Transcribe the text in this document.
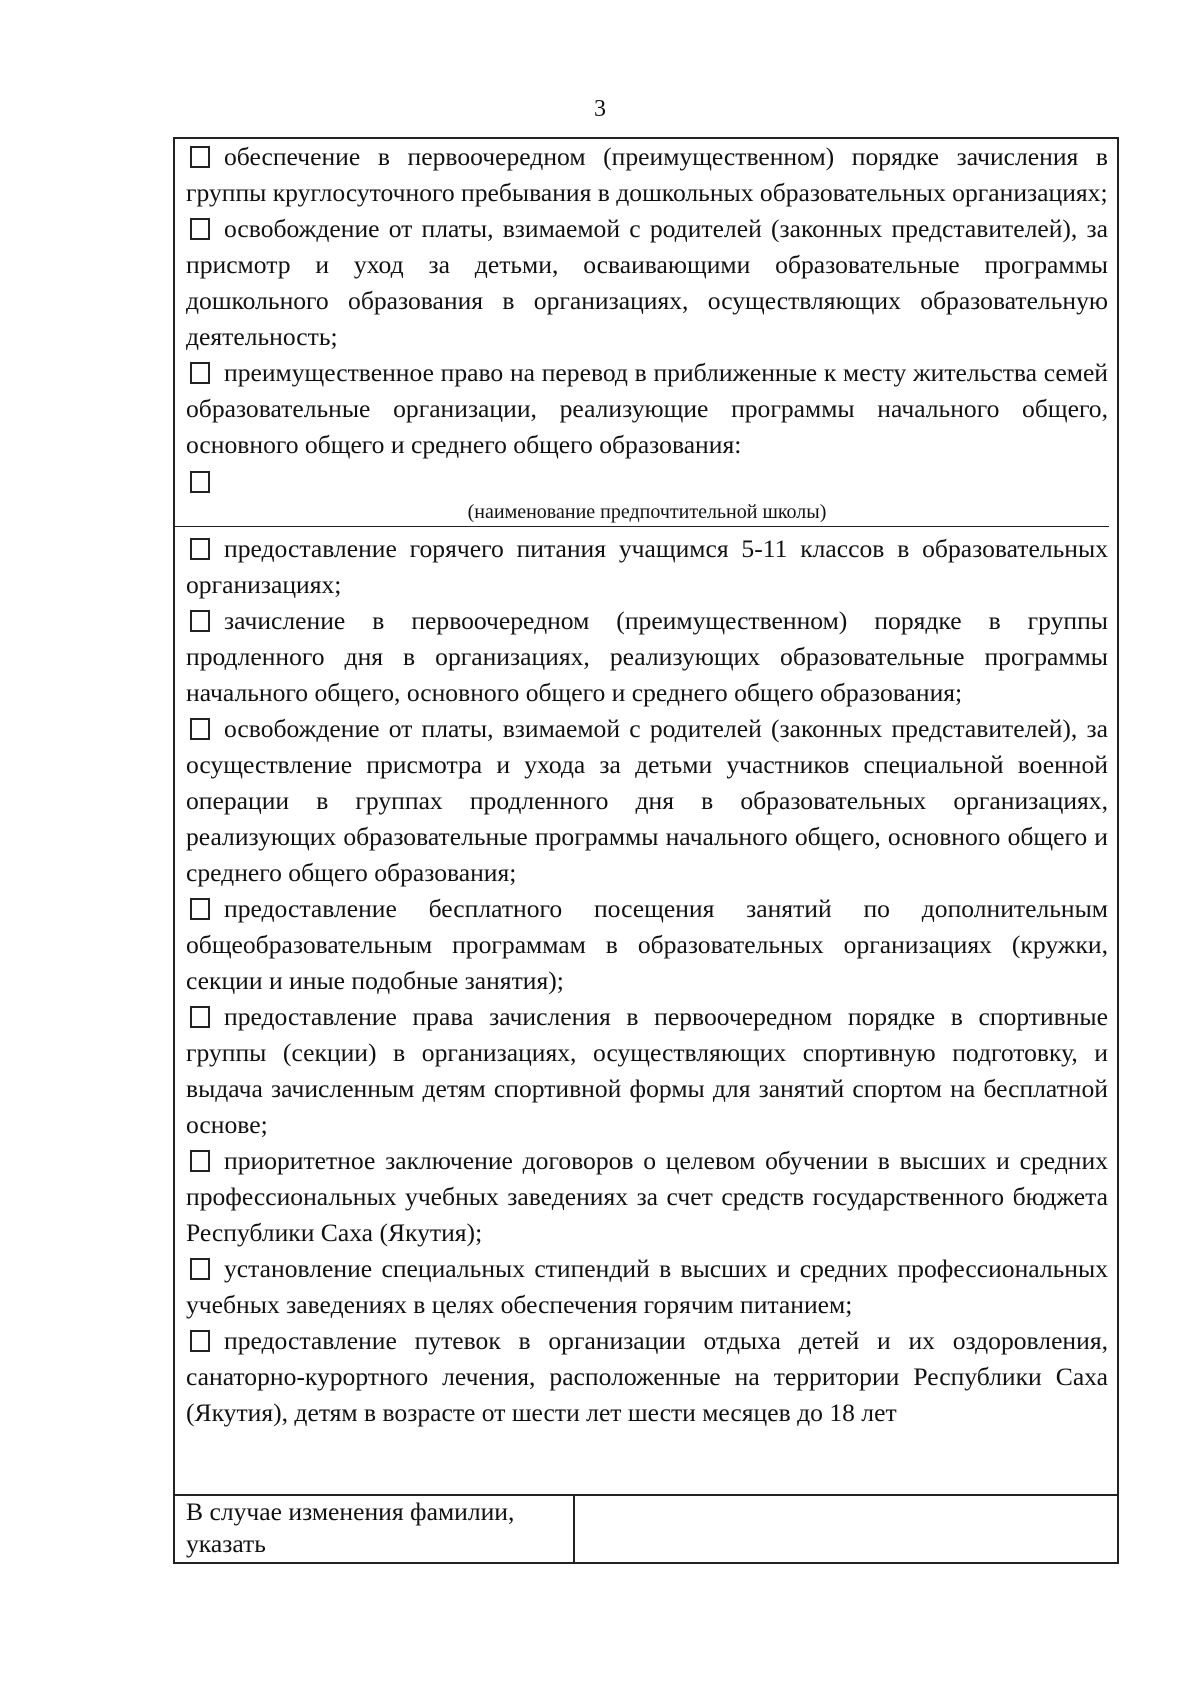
3

обеспечение в первоочередном (преимущественном) порядке зачисления в группы круглосуточного пребывания в дошкольных образовательных организациях;

освобождение от платы, взимаемой с родителей (законных представителей), за присмотр и уход за детьми, осваивающими образовательные программы дошкольного образования в организациях, осуществляющих образовательную деятельность;

преимущественное право на перевод в приближенные к месту жительства семей образовательные организации, реализующие программы начального общего, основного общего и среднего общего образования:

(наименование предпочтительной школы)

предоставление горячего питания учащимся 5-11 классов в образовательных организациях;

зачисление в первоочередном (преимущественном) порядке в группы продленного дня в организациях, реализующих образовательные программы начального общего, основного общего и среднего общего образования;

освобождение от платы, взимаемой с родителей (законных представителей), за осуществление присмотра и ухода за детьми участников специальной военной операции в группах продленного дня в образовательных организациях, реализующих образовательные программы начального общего, основного общего и среднего общего образования;

предоставление бесплатного посещения занятий по дополнительным общеобразовательным программам в образовательных организациях (кружки, секции и иные подобные занятия);

предоставление права зачисления в первоочередном порядке в спортивные группы (секции) в организациях, осуществляющих спортивную подготовку, и выдача зачисленным детям спортивной формы для занятий спортом на бесплатной основе;

приоритетное заключение договоров о целевом обучении в высших и средних профессиональных учебных заведениях за счет средств государственного бюджета Республики Саха (Якутия);

установление специальных стипендий в высших и средних профессиональных учебных заведениях в целях обеспечения горячим питанием;

предоставление путевок в организации отдыха детей и их оздоровления, санаторно-курортного лечения, расположенные на территории Республики Саха (Якутия), детям в возрасте от шести лет шести месяцев до 18 лет

В случае изменения фамилии, указать
